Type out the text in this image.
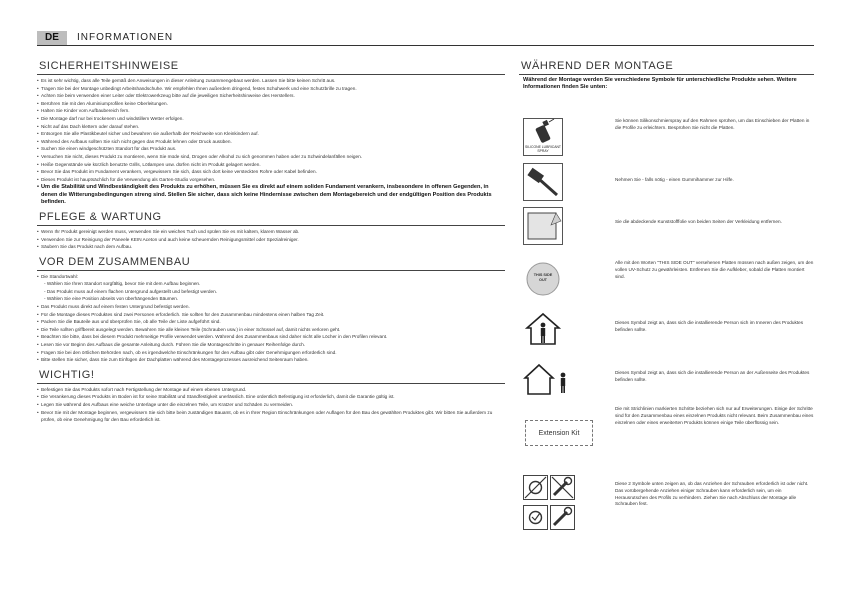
DE	INFORMATIONEN
SICHERHEITSHINWEISE
• Es ist sehr wichtig, dass alle Teile gemäß den Anweisungen in dieser Anleitung zusammengebaut werden. Lassen Sie bitte keinen Schritt aus.
• Tragen Sie bei der Montage unbedingt Arbeitshandschuhe. Wir empfehlen Ihnen außerdem dringend, festes Schuhwerk und eine Schutzbrille zu tragen.
• Achten Sie beim verwenden einer Leiter oder Elektrowerkzeug bitte auf die jeweiligen Sicherheitshinweise des Herstellers.
• Berühren Sie mit den Aluminiumprofilen keine Oberleitungen.
• Halten Sie Kinder vom Aufbaubereich fern.
• Die Montage darf nur bei trockenem und windstillem Wetter erfolgen.
• Nicht auf das Dach klettern oder darauf stehen.
• Entsorgen Sie alle Plastikbeutel sicher und bewahren sie außerhalb der Reichweite von Kleinkindern auf.
• Während des Aufbaus sollten Sie sich nicht gegen das Produkt lehnen oder Druck ausüben.
• Suchen Sie einen windgeschützten Standort für das Produkt aus.
• Versuchen Sie nicht, dieses Produkt zu montieren, wenn Sie müde sind, Drogen oder Alkohol zu sich genommen haben oder zu Schwindelanfällen neigen.
• Heiße Gegenstände wie kürzlich benutzte Grills, Lötlampen usw. dürfen nicht im Produkt gelagert werden.
• Bevor Sie das Produkt im Fundament verankern, vergewissern Sie sich, dass sich dort keine versteckten Rohre oder Kabel befinden.
• Dieses Produkt ist hauptsächlich für die Verwendung als Garten-Studio vorgesehen.
• Um die Stabilität und Windbeständigkeit des Produkts zu erhöhen, müssen Sie es direkt auf einem soliden Fundament verankern, insbesondere in offenen Gegenden, in denen die Witterungsbedingungen streng sind. Stellen Sie sicher, dass sich keine Hindernisse zwischen dem Montagebereich und der endgültigen Position des Produkts befinden.
PFLEGE & WARTUNG
• Wenn Ihr Produkt gereinigt werden muss, verwenden Sie ein weiches Tuch und spülen Sie es mit kaltem, klarem Wasser ab.
• Verwenden Sie zur Reinigung der Paneele KEIN Aceton und auch keine scheuernden Reinigungsmittel oder Spezialreiniger.
• Säubern Sie das Produkt nach dem Aufbau.
VOR DEM ZUSAMMENBAU
• Die Standortwahl:
- Wählen Sie Ihren Standort sorgfältig, bevor Sie mit dem Aufbau beginnen.
- Das Produkt muss auf einem flachen Untergrund aufgestellt und befestigt werden.
- Wählen Sie eine Position abseits von überhängenden Bäumen.
• Das Produkt muss direkt auf einem festen Untergrund befestigt werden.
• Für die Montage dieses Produktes sind zwei Personen erforderlich. Sie sollten für den Zusammenbau mindestens einen halben Tag Zeit.
• Packen Sie die Bauteile aus und überprüfen Sie, ob alle Teile der Liste aufgeführt sind.
• Die Teile sollten griffbereit ausgelegt werden. Bewahren Sie alle kleinen Teile (Schrauben usw.) in einer Schüssel auf, damit nichts verloren geht.
• Beachten Sie bitte, dass bei diesem Produkt mehrseitige Profile verwendet werden. Während des Zusammenbaus sind daher nicht alle Löcher in den Profilen relevant.
• Lesen Sie vor Beginn des Aufbaus die gesamte Anleitung durch. Führen Sie die Montageschritte in genauer Reihenfolge durch.
• Fragen Sie bei den örtlichen Behörden nach, ob es irgendwelche Einschränkungen für den Aufbau gibt oder Genehmigungen erforderlich sind.
• Bitte stellen Sie sicher, dass Sie zum Einfügen der Dachplatten während des Montageprozesses ausreichend Seitenraum haben.
WICHTIG!
• Befestigen Sie das Produkts sofort nach Fertigstellung der Montage auf einem ebenen Untergrund.
• Die Verankerung dieses Produkts im Boden ist für seine Stabilität und Standfestigkeit unerlässlich. Eine ordentlich Befestigung ist erforderlich, damit die Garantie gültig ist.
• Legen Sie während des Aufbaus eine weiche Unterlage unter die einzelnen Teile, um Kratzer und Schäden zu vermeiden.
• Bevor Sie mit der Montage beginnen, vergewissern Sie sich bitte beim zuständigen Bauamt, ob es in Ihrer Region Einschränkungen oder Auflagen für den Bau des gewählten Produktes gibt. Wir bitten Sie außerdem zu prüfen, ob eine Genehmigung für den Bau erforderlich ist.
WÄHREND DER MONTAGE
Während der Montage werden Sie verschiedene Symbole für unterschiedliche Produkte sehen. Weitere Informationen finden Sie unten:
SILICONE LUBRICANT SPRAY
Sie können Silikonschmierspray auf den Rahmen sprühen, um das Einschieben der Platten in die Profile zu erleichtern. Besprühen Sie nicht die Platten.
Nehmen Sie - falls nötig - einen Gummihammer zur Hilfe.
Sie die abdeckende Kunststofffolie von beiden Seiten der Verkleidung entfernen.
THIS SIDE OUT
Alle mit den Worten "THIS SIDE OUT" versehenen Platten müssen nach außen zeigen, um den vollen UV-Schutz zu gewährleisten. Entfernen Sie die Aufkleber, sobald die Platten montiert sind.
Dieses Symbol zeigt an, dass sich die installierende Person sich im Inneren des Produktes befinden sollte.
Dieses Symbol zeigt an, dass sich die installierende Person an der Außenseite des Produktes befinden sollte.
Extension Kit
Die mit Strichlinien markierten Schritte beziehen sich nur auf Erweiterungen. Einige der Schritte sind für den Zusammenbau eines einzelnen Produkts nicht relevant. Beim Zusammenbau eines einzelnen oder eines erweiterten Produkts können einige Teile überflüssig sein.
Diese 2 Symbole unten zeigen an, ob das Anziehen der Schrauben erforderlich ist oder nicht. Das vorübergehende Anziehen einiger Schrauben kann erforderlich sein, um ein Herausrutschen des Profils zu verhindern. Ziehen Sie nach Abschluss der Montage alle Schrauben fest.
